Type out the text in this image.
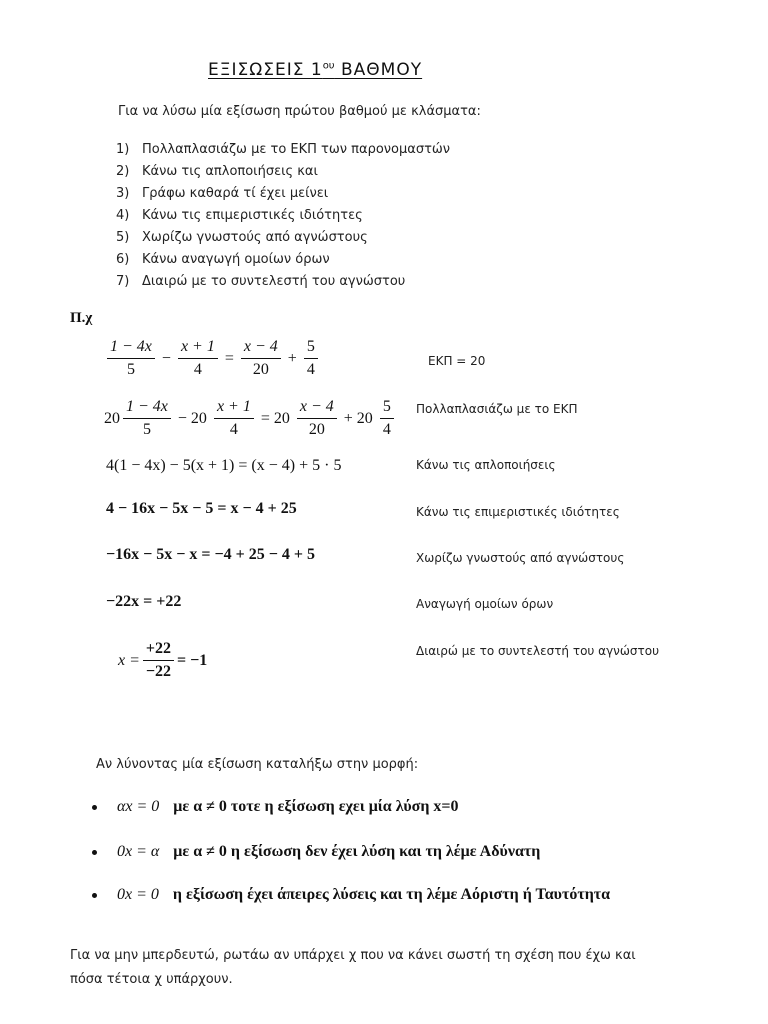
ΕΞΙΣΩΣΕΙΣ $1^{o\upsilon}$ ΒΑΘΜΟΥ
Για να λύσω μία εξίσωση πρώτου βαθμού με κλάσματα:
1) Πολλαπλασιάζω με το ΕΚΠ των παρονομαστών
2) Κάνω τις απλοποιήσεις και
3) Γράφω καθαρά τί έχει μείνει
4) Κάνω τις επιμεριστικές ιδιότητες
5) Χωρίζω γνωστούς από αγνώστους
6) Κάνω αναγωγή ομοίων όρων
7) Διαιρώ με το συντελεστή του αγνώστου
Π.χ
$\frac{1 - 4x}{5} - \frac{x + 1}{4} = \frac{x - 4}{20} + \frac{5}{4}$
$20 \frac{1 - 4x}{5} - 20 \frac{x + 1}{4} = 20 \frac{x - 4}{20} + 20 \frac{5}{4}$
4(1 − 4x) − 5(x + 1) = (x − 4) + 5 · 5
4 − 16x − 5x − 5 = x − 4 + 25
−16x − 5x − x = −4 + 25 − 4 + 5
−22x = +22
$x = \frac{+22}{-22} = -1$
ΕΚΠ = 20
Πολλαπλασιάζω με το ΕΚΠ
Κάνω τις απλοποιήσεις
Κάνω τις επιμεριστικές ιδιότητες
Χωρίζω γνωστούς από αγνώστους
Αναγωγή ομοίων όρων
Διαιρώ με το συντελεστή του αγνώστου
Αν λύνοντας μία εξίσωση καταλήξω στην μορφή:
αx = 0 με α ≠ 0 τοτε η εξίσωση εχει μία λύση x=0
0x = α με α ≠ 0 η εξίσωση δεν έχει λύση και τη λέμε Αδύνατη
0x = 0 η εξίσωση έχει άπειρες λύσεις και τη λέμε Αόριστη ή Ταυτότητα
Για να μην μπερδευτώ, ρωτάω αν υπάρχει χ που να κάνει σωστή τη σχέση που έχω και
πόσα τέτοια χ υπάρχουν.
